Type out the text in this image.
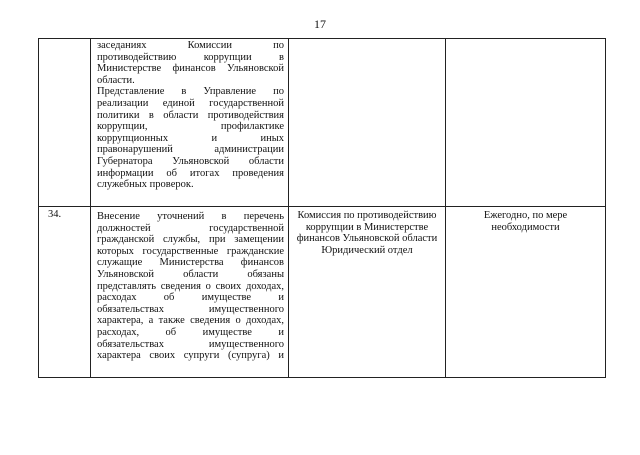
17

заседаниях Комиссии по

противодействию коррупции в

Министерстве финансов Ульяновской

области.

Представление в Управление по

реализации единой государственной

политики в области противодействия

коррупции, профилактике

коррупционных и иных

правонарушений администрации

Губернатора Ульяновской области

информации об итогах проведения

служебных проверок.

34.	Внесение уточнений в перечень

должностей государственной

гражданской службы, при замещении

которых государственные гражданские

служащие Министерства финансов

Ульяновской области обязаны

представлять сведения о своих доходах,

расходах об имуществе и

обязательствах имущественного

характера, а также сведения о доходах,

расходах, об имуществе и

обязательствах имущественного

характера своих супруги (супруга) и

Комиссия по противодействию

коррупции в Министерстве

финансов Ульяновской области

Юридический отдел

Ежегодно, по мере

необходимости
